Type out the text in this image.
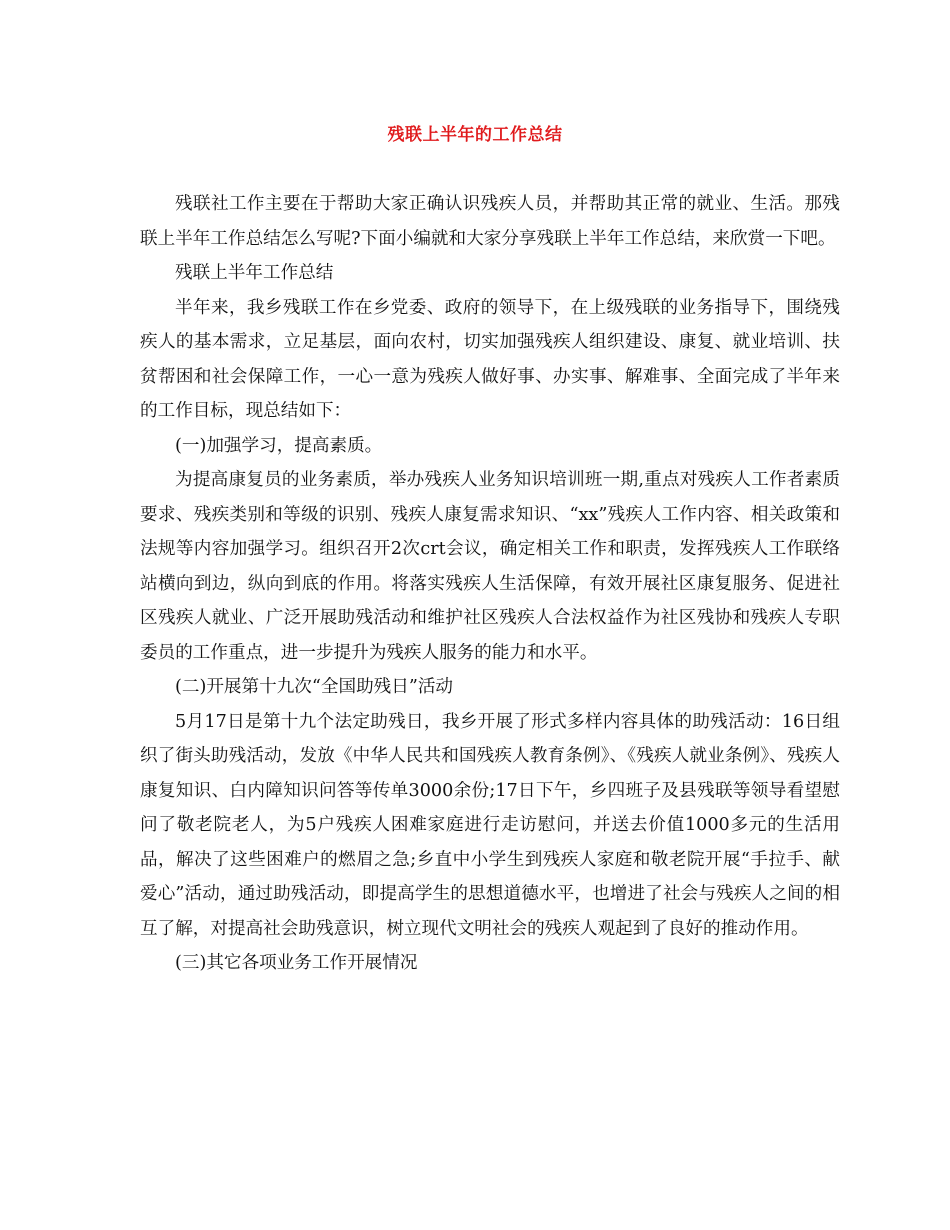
残联上半年的工作总结

残联社工作主要在于帮助大家正确认识残疾人员，并帮助其正常的就业、生活。那残联上半年工作总结怎么写呢?下面小编就和大家分享残联上半年工作总结，来欣赏一下吧。

残联上半年工作总结

半年来，我乡残联工作在乡党委、政府的领导下，在上级残联的业务指导下，围绕残疾人的基本需求，立足基层，面向农村，切实加强残疾人组织建设、康复、就业培训、扶贫帮困和社会保障工作，一心一意为残疾人做好事、办实事、解难事、全面完成了半年来的工作目标，现总结如下：

(一)加强学习，提高素质。

为提高康复员的业务素质，举办残疾人业务知识培训班一期,重点对残疾人工作者素质要求、残疾类别和等级的识别、残疾人康复需求知识、“xx”残疾人工作内容、相关政策和法规等内容加强学习。组织召开2次crt会议，确定相关工作和职责，发挥残疾人工作联络站横向到边，纵向到底的作用。将落实残疾人生活保障，有效开展社区康复服务、促进社区残疾人就业、广泛开展助残活动和维护社区残疾人合法权益作为社区残协和残疾人专职委员的工作重点，进一步提升为残疾人服务的能力和水平。

(二)开展第十九次“全国助残日”活动

5月17日是第十九个法定助残日，我乡开展了形式多样内容具体的助残活动：16日组织了街头助残活动，发放《中华人民共和国残疾人教育条例》、《残疾人就业条例》、残疾人康复知识、白内障知识问答等传单3000余份;17日下午，乡四班子及县残联等领导看望慰问了敬老院老人，为5户残疾人困难家庭进行走访慰问，并送去价值1000多元的生活用品，解决了这些困难户的燃眉之急;乡直中小学生到残疾人家庭和敬老院开展“手拉手、献爱心”活动，通过助残活动，即提高学生的思想道德水平，也增进了社会与残疾人之间的相互了解，对提高社会助残意识，树立现代文明社会的残疾人观起到了良好的推动作用。

(三)其它各项业务工作开展情况
